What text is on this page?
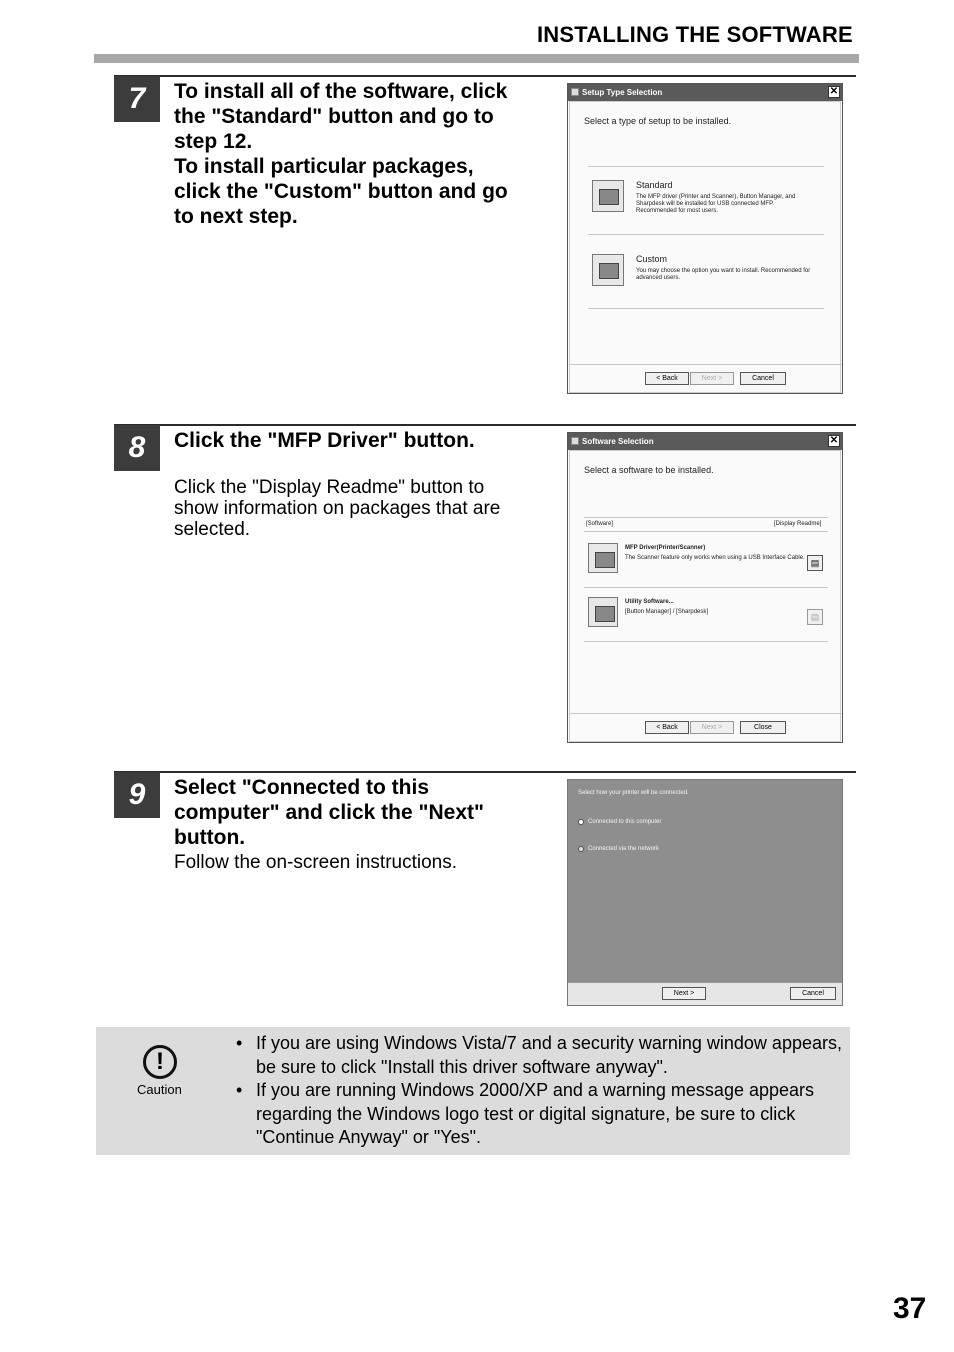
INSTALLING THE SOFTWARE
7	To install all of the software, click
the "Standard" button and go to
step 12.
To install particular packages,
click the "Custom" button and go
to next step.
Setup Type Selection	✕
Select a type of setup to be installed.
Standard
The MFP driver (Printer and Scanner), Button Manager, and Sharpdesk will be installed for USB connected MFP. Recommended for most users.
Custom
You may choose the option you want to install. Recommended for advanced users.
< Back	Next >	Cancel
8	Click the "MFP Driver" button.
Click the "Display Readme" button to
show information on packages that are
selected.
Software Selection	✕
Select a software to be installed.
[Software]	[Display Readme]
MFP Driver(Printer/Scanner)
The Scanner feature only works when using a USB Interface Cable. ▤
Utility Software...
[Button Manager] / [Sharpdesk]	▤
< Back	Next >	Close
9	Select "Connected to this
computer" and click the "Next"
button.
Follow the on-screen instructions.
Select how your printer will be connected.
Connected to this computer
Connected via the network
Next >	Cancel
!
Caution
• If you are using Windows Vista/7 and a security warning window appears, be sure to click "Install this driver software anyway".
• If you are running Windows 2000/XP and a warning message appears regarding the Windows logo test or digital signature, be sure to click "Continue Anyway" or "Yes".
37
